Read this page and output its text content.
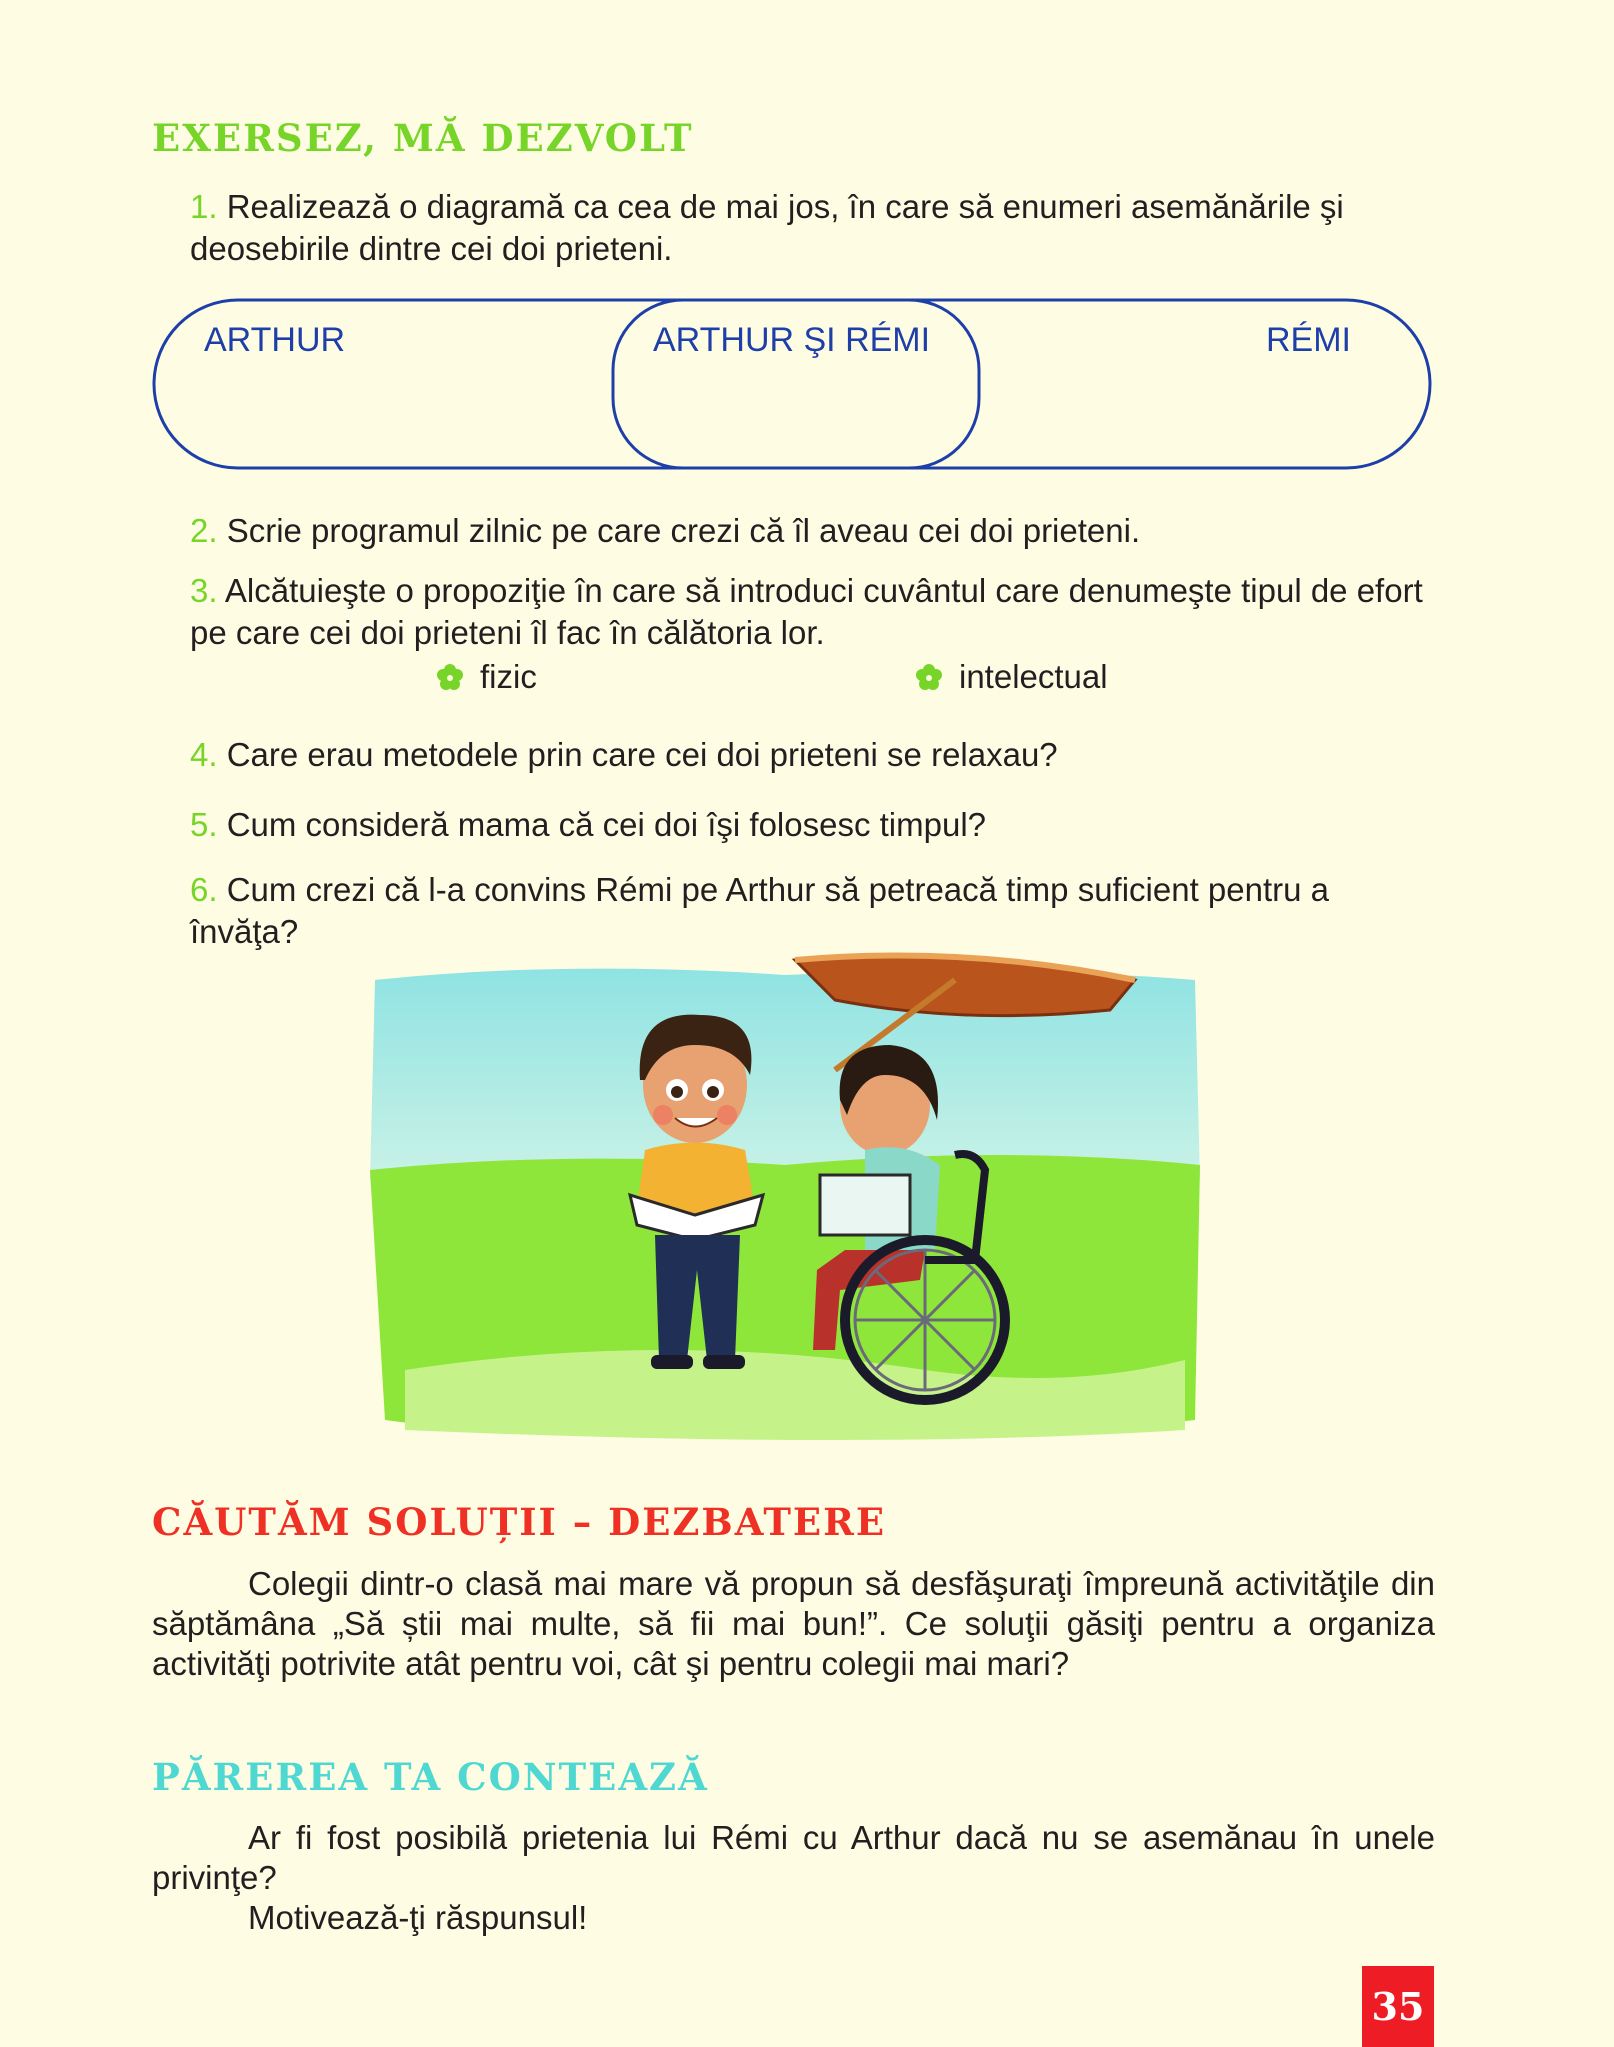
EXERSEZ, MĂ DEZVOLT

1. Realizează o diagramă ca cea de mai jos, în care să enumeri asemănările şi deosebirile dintre cei doi prieteni.

ARTHUR	ARTHUR ŞI RÉMI	RÉMI

2. Scrie programul zilnic pe care crezi că îl aveau cei doi prieteni.

3. Alcătuieşte o propoziţie în care să introduci cuvântul care denumeşte tipul de efort pe care cei doi prieteni îl fac în călătoria lor.

fizic	intelectual

4. Care erau metodele prin care cei doi prieteni se relaxau?

5. Cum consideră mama că cei doi îşi folosesc timpul?

6. Cum crezi că l-a convins Rémi pe Arthur să petreacă timp suficient pentru a învăţa?

CĂUTĂM SOLUȚII – DEZBATERE

Colegii dintr-o clasă mai mare vă propun să desfăşuraţi împreună activităţile din săptămâna „Să știi mai multe, să fii mai bun!”. Ce soluţii găsiţi pentru a organiza activităţi potrivite atât pentru voi, cât şi pentru colegii mai mari?

PĂREREA TA CONTEAZĂ

Ar fi fost posibilă prietenia lui Rémi cu Arthur dacă nu se asemănau în unele privinţe?

Motivează-ţi răspunsul!

35
